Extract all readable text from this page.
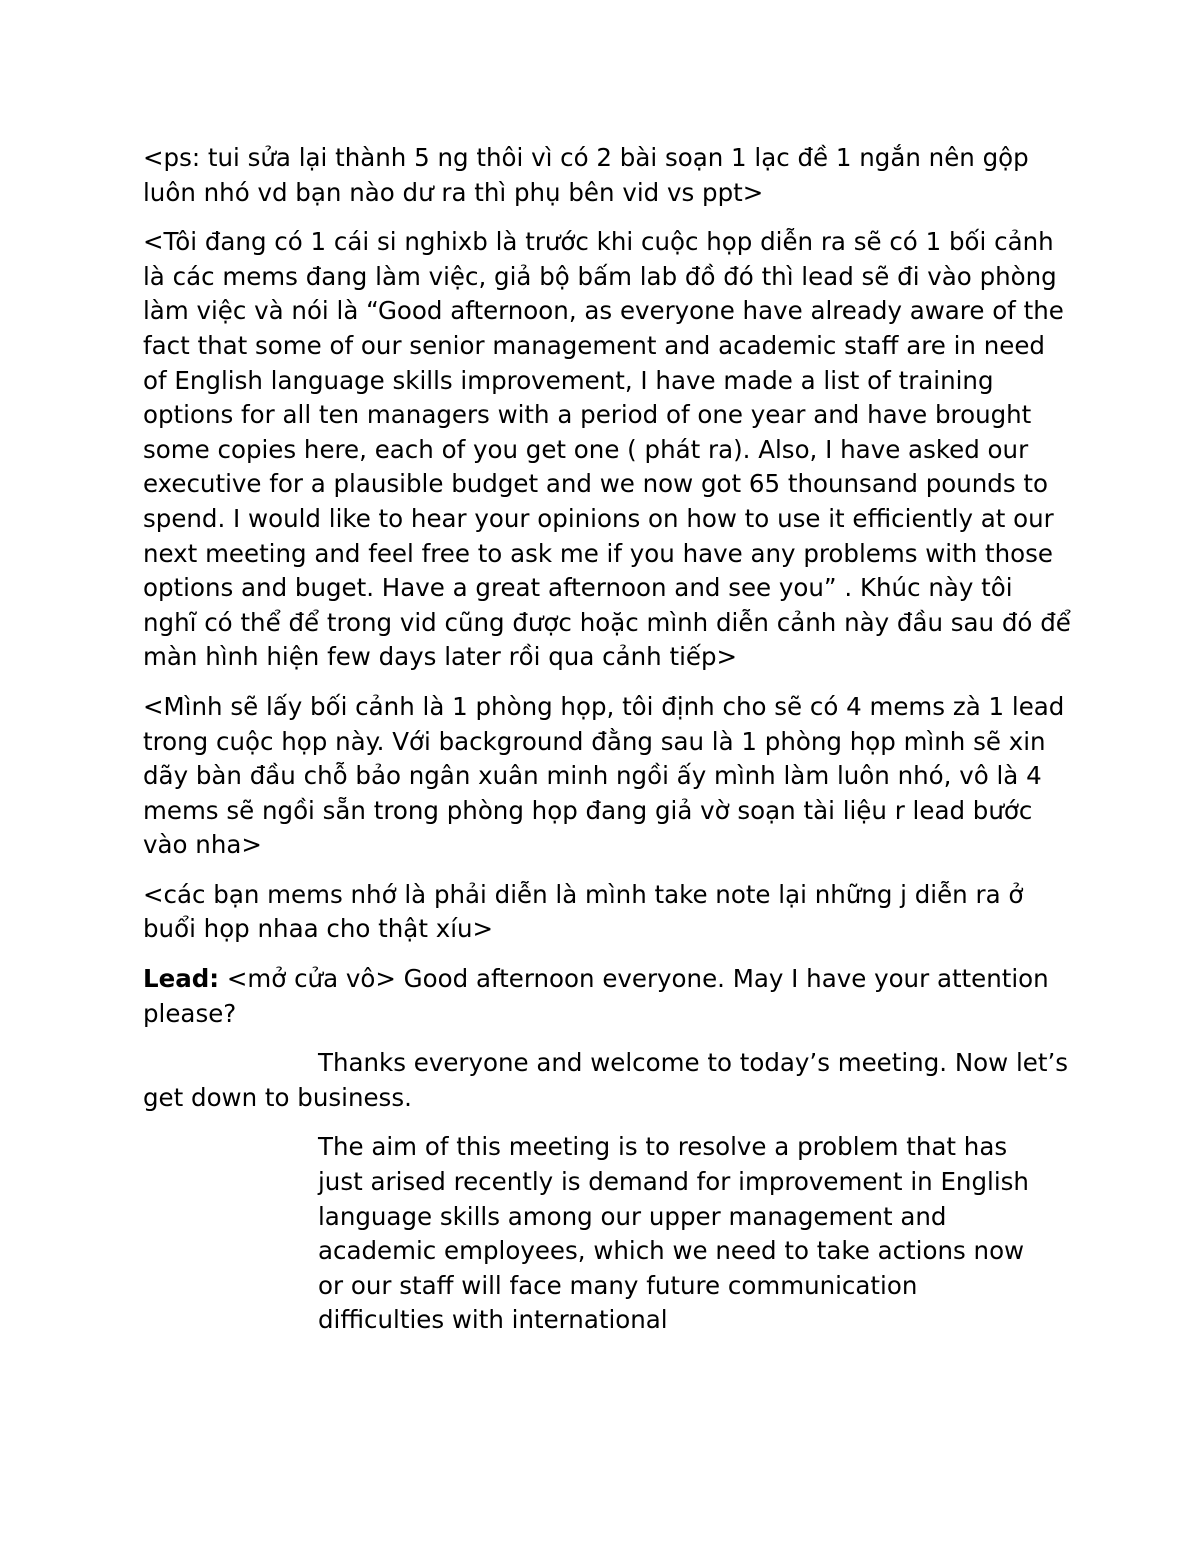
<ps: tui sửa lại thành 5 ng thôi vì có 2 bài soạn 1 lạc đề 1 ngắn nên gộp luôn nhó vd bạn nào dư ra thì phụ bên vid vs ppt>

<Tôi đang có 1 cái si nghixb là trước khi cuộc họp diễn ra sẽ có 1 bối cảnh là các mems đang làm việc, giả bộ bấm lab đồ đó thì lead sẽ đi vào phòng làm việc và nói là “Good afternoon, as everyone have already aware of the fact that some of our senior management and academic staff are in need of English language skills improvement, I have made a list of training options for all ten managers with a period of one year and have brought some copies here, each of you get one ( phát ra). Also, I have asked our executive for a plausible budget and we now got 65 thounsand pounds to spend. I would like to hear your opinions on how to use it efficiently at our next meeting and feel free to ask me if you have any problems with those options and buget. Have a great afternoon and see you” . Khúc này tôi nghĩ có thể để trong vid cũng được hoặc mình diễn cảnh này đầu sau đó để màn hình hiện few days later rồi qua cảnh tiếp>

<Mình sẽ lấy bối cảnh là 1 phòng họp, tôi định cho sẽ có 4 mems zà 1 lead trong cuộc họp này. Với background đằng sau là 1 phòng họp mình sẽ xin dãy bàn đầu chỗ bảo ngân xuân minh ngồi ấy mình làm luôn nhó, vô là 4 mems sẽ ngồi sẵn trong phòng họp đang giả vờ soạn tài liệu r lead bước vào nha>

<các bạn mems nhớ là phải diễn là mình take note lại những j diễn ra ở buổi họp nhaa cho thật xíu>

Lead: <mở cửa vô> Good afternoon everyone. May I have your attention please?

Thanks everyone and welcome to today’s meeting. Now let’s get down to business.

The aim of this meeting is to resolve a problem that has just arised recently is demand for improvement in English language skills among our upper management and academic employees, which we need to take actions now or our staff will face many future communication difficulties with international
